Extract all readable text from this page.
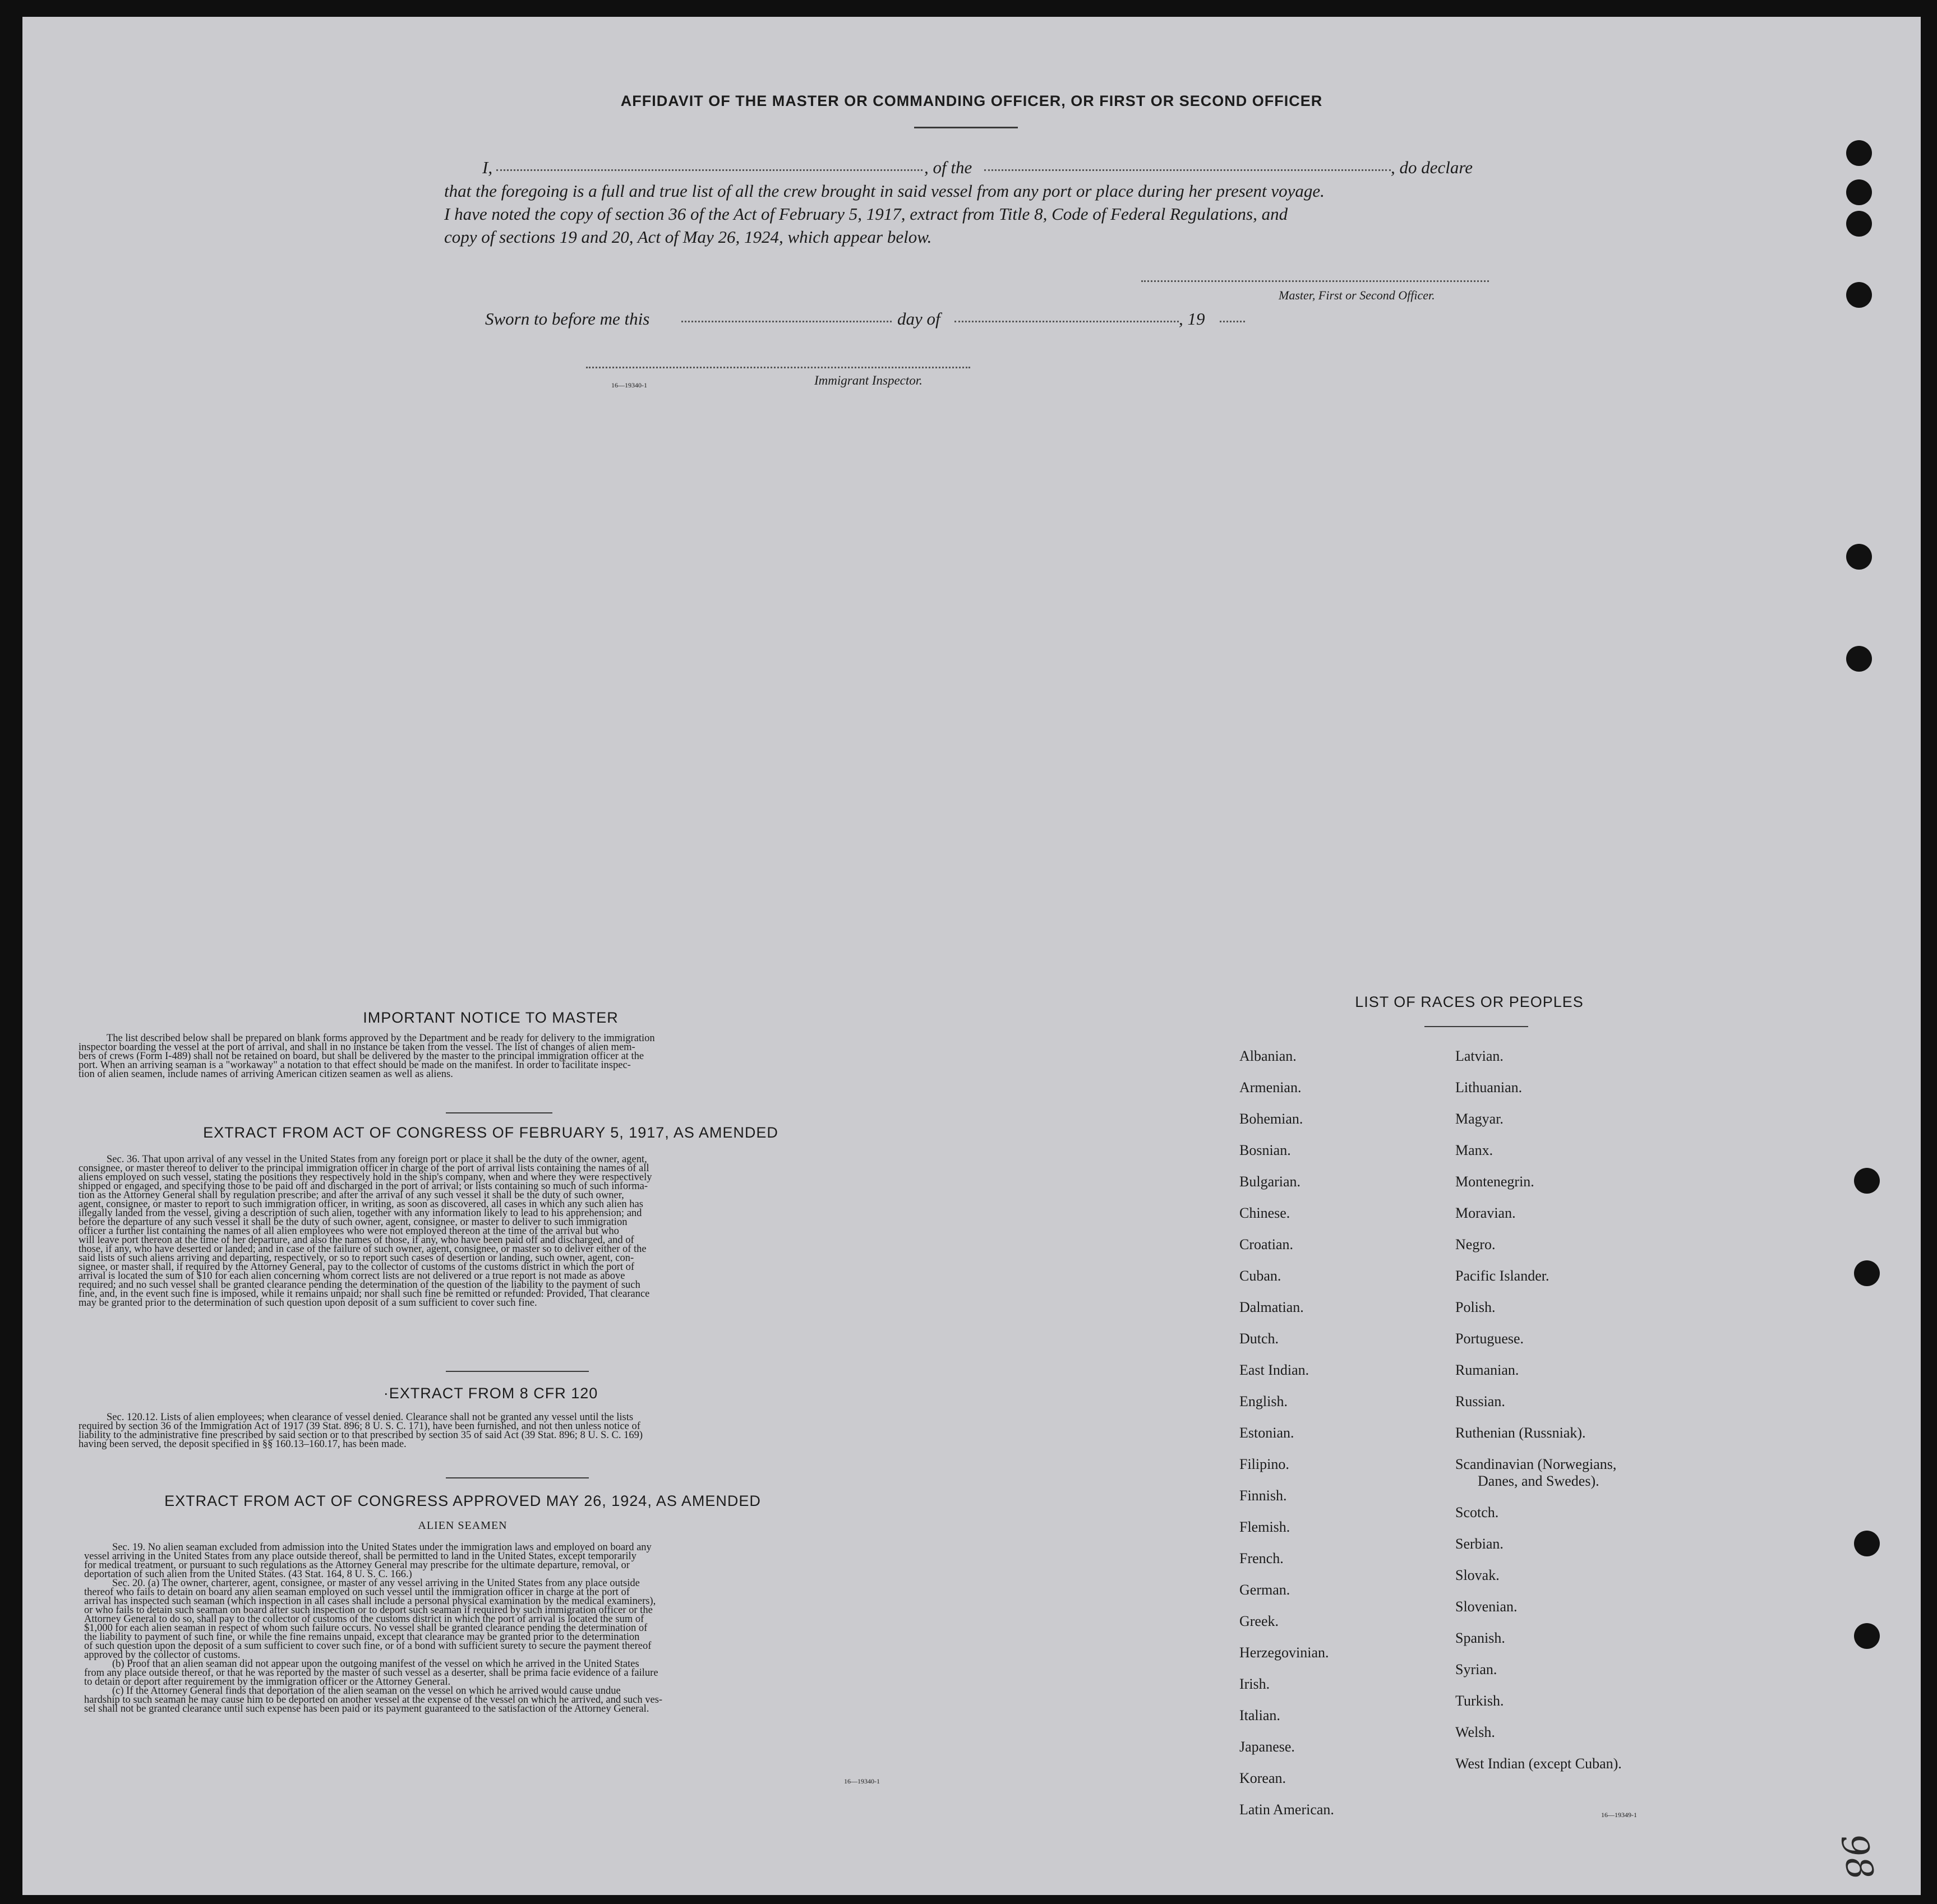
AFFIDAVIT OF THE MASTER OR COMMANDING OFFICER, OR FIRST OR SECOND OFFICER
I,	, of the	, do declare
that the foregoing is a full and true list of all the crew brought in said vessel from any port or place during her present voyage.
I have noted the copy of section 36 of the Act of February 5, 1917, extract from Title 8, Code of Federal Regulations, and
copy of sections 19 and 20, Act of May 26, 1924, which appear below.
Master, First or Second Officer.
Sworn to before me this	day of	, 19
16—19340-1	Immigrant Inspector.
IMPORTANT NOTICE TO MASTER
The list described below shall be prepared on blank forms approved by the Department and be ready for delivery to the immigration
inspector boarding the vessel at the port of arrival, and shall in no instance be taken from the vessel. The list of changes of alien mem-
bers of crews (Form I-489) shall not be retained on board, but shall be delivered by the master to the principal immigration officer at the
port. When an arriving seaman is a "workaway" a notation to that effect should be made on the manifest. In order to facilitate inspec-
tion of alien seamen, include names of arriving American citizen seamen as well as aliens.
EXTRACT FROM ACT OF CONGRESS OF FEBRUARY 5, 1917, AS AMENDED
Sec. 36. That upon arrival of any vessel in the United States from any foreign port or place it shall be the duty of the owner, agent,
consignee, or master thereof to deliver to the principal immigration officer in charge of the port of arrival lists containing the names of all
aliens employed on such vessel, stating the positions they respectively hold in the ship's company, when and where they were respectively
shipped or engaged, and specifying those to be paid off and discharged in the port of arrival; or lists containing so much of such informa-
tion as the Attorney General shall by regulation prescribe; and after the arrival of any such vessel it shall be the duty of such owner,
agent, consignee, or master to report to such immigration officer, in writing, as soon as discovered, all cases in which any such alien has
illegally landed from the vessel, giving a description of such alien, together with any information likely to lead to his apprehension; and
before the departure of any such vessel it shall be the duty of such owner, agent, consignee, or master to deliver to such immigration
officer a further list containing the names of all alien employees who were not employed thereon at the time of the arrival but who
will leave port thereon at the time of her departure, and also the names of those, if any, who have been paid off and discharged, and of
those, if any, who have deserted or landed; and in case of the failure of such owner, agent, consignee, or master so to deliver either of the
said lists of such aliens arriving and departing, respectively, or so to report such cases of desertion or landing, such owner, agent, con-
signee, or master shall, if required by the Attorney General, pay to the collector of customs of the customs district in which the port of
arrival is located the sum of $10 for each alien concerning whom correct lists are not delivered or a true report is not made as above
required; and no such vessel shall be granted clearance pending the determination of the question of the liability to the payment of such
fine, and, in the event such fine is imposed, while it remains unpaid; nor shall such fine be remitted or refunded: Provided, That clearance
may be granted prior to the determination of such question upon deposit of a sum sufficient to cover such fine.
·EXTRACT FROM 8 CFR 120
Sec. 120.12. Lists of alien employees; when clearance of vessel denied. Clearance shall not be granted any vessel until the lists
required by section 36 of the Immigration Act of 1917 (39 Stat. 896; 8 U. S. C. 171), have been furnished, and not then unless notice of
liability to the administrative fine prescribed by said section or to that prescribed by section 35 of said Act (39 Stat. 896; 8 U. S. C. 169)
having been served, the deposit specified in §§ 160.13–160.17, has been made.
EXTRACT FROM ACT OF CONGRESS APPROVED MAY 26, 1924, AS AMENDED
ALIEN SEAMEN
Sec. 19. No alien seaman excluded from admission into the United States under the immigration laws and employed on board any
vessel arriving in the United States from any place outside thereof, shall be permitted to land in the United States, except temporarily
for medical treatment, or pursuant to such regulations as the Attorney General may prescribe for the ultimate departure, removal, or
deportation of such alien from the United States. (43 Stat. 164, 8 U. S. C. 166.)
Sec. 20. (a) The owner, charterer, agent, consignee, or master of any vessel arriving in the United States from any place outside
thereof who fails to detain on board any alien seaman employed on such vessel until the immigration officer in charge at the port of
arrival has inspected such seaman (which inspection in all cases shall include a personal physical examination by the medical examiners),
or who fails to detain such seaman on board after such inspection or to deport such seaman if required by such immigration officer or the
Attorney General to do so, shall pay to the collector of customs of the customs district in which the port of arrival is located the sum of
$1,000 for each alien seaman in respect of whom such failure occurs. No vessel shall be granted clearance pending the determination of
the liability to payment of such fine, or while the fine remains unpaid, except that clearance may be granted prior to the determination
of such question upon the deposit of a sum sufficient to cover such fine, or of a bond with sufficient surety to secure the payment thereof
approved by the collector of customs.
(b) Proof that an alien seaman did not appear upon the outgoing manifest of the vessel on which he arrived in the United States
from any place outside thereof, or that he was reported by the master of such vessel as a deserter, shall be prima facie evidence of a failure
to detain or deport after requirement by the immigration officer or the Attorney General.
(c) If the Attorney General finds that deportation of the alien seaman on the vessel on which he arrived would cause undue
hardship to such seaman he may cause him to be deported on another vessel at the expense of the vessel on which he arrived, and such ves-
sel shall not be granted clearance until such expense has been paid or its payment guaranteed to the satisfaction of the Attorney General.
16—19340-1
LIST OF RACES OR PEOPLES
Albanian.
Armenian.
Bohemian.
Bosnian.
Bulgarian.
Chinese.
Croatian.
Cuban.
Dalmatian.
Dutch.
East Indian.
English.
Estonian.
Filipino.
Finnish.
Flemish.
French.
German.
Greek.
Herzegovinian.
Irish.
Italian.
Japanese.
Korean.
Latin American.
Latvian.
Lithuanian.
Magyar.
Manx.
Montenegrin.
Moravian.
Negro.
Pacific Islander.
Polish.
Portuguese.
Rumanian.
Russian.
Ruthenian (Russniak).
Scandinavian (Norwegians,
Danes, and Swedes).
Scotch.
Serbian.
Slovak.
Slovenian.
Spanish.
Syrian.
Turkish.
Welsh.
West Indian (except Cuban).
16—19349-1
98
